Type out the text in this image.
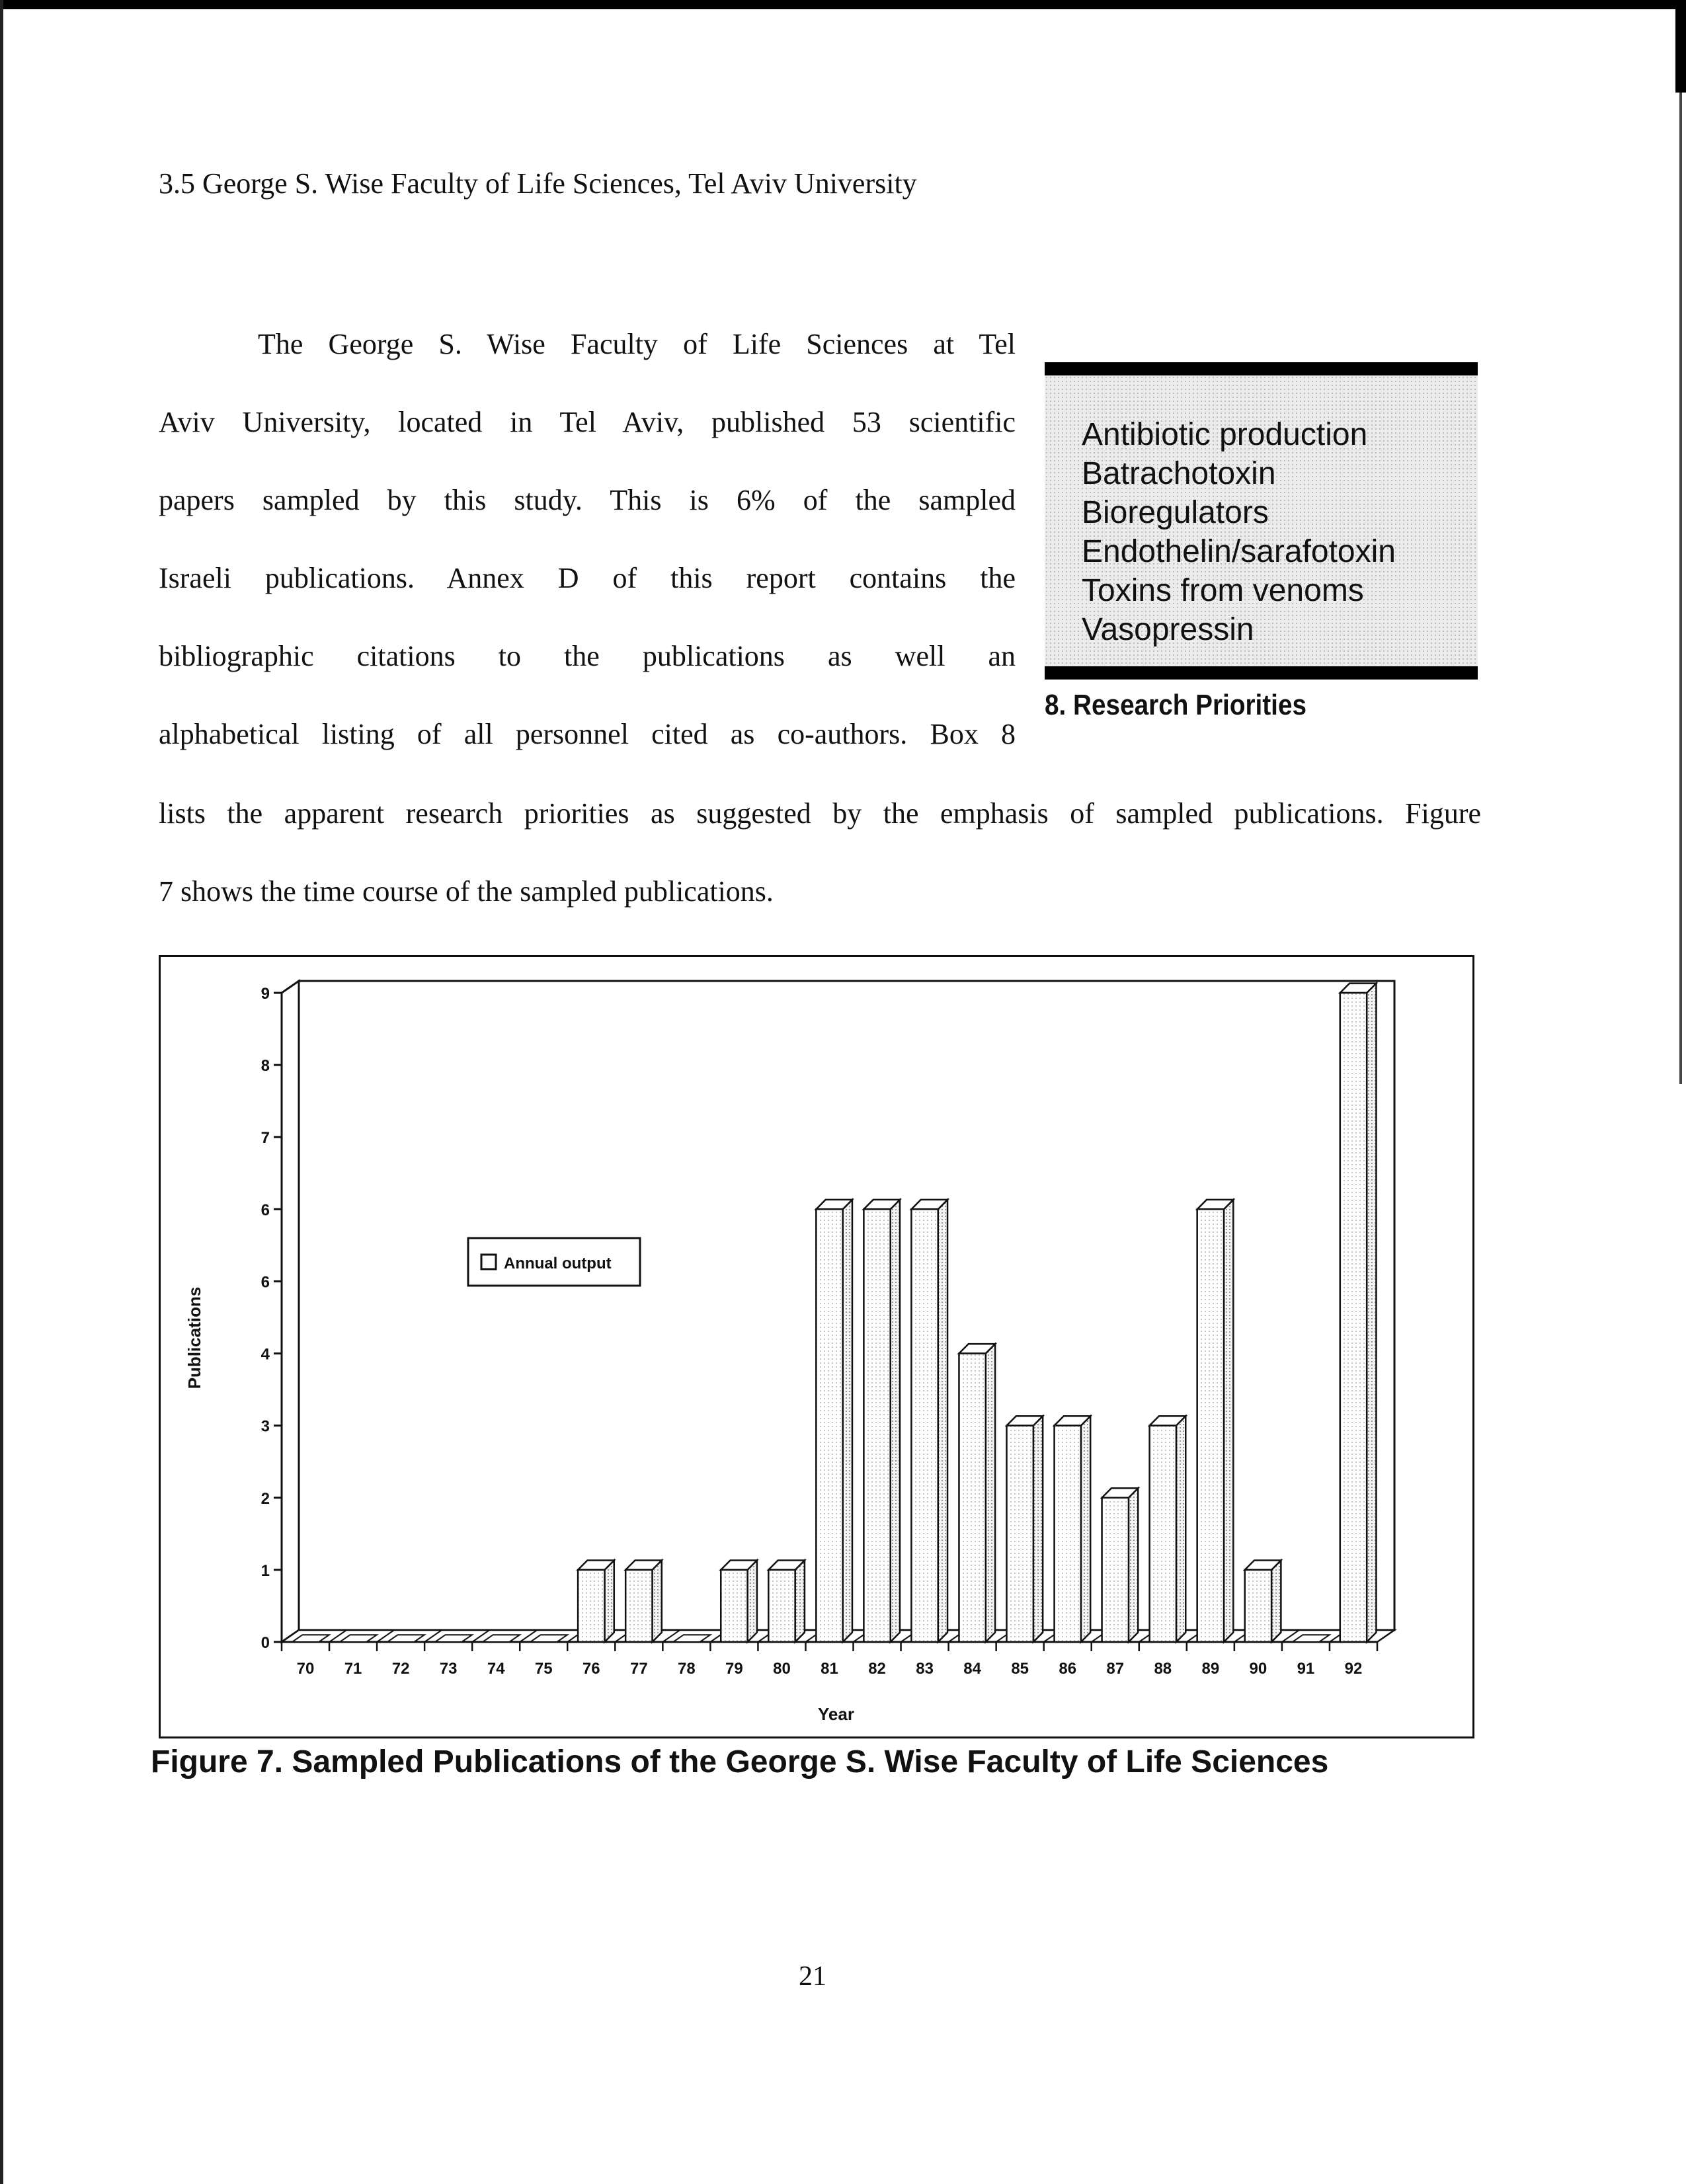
3.5 George S. Wise Faculty of Life Sciences, Tel Aviv University
The George S. Wise Faculty of Life Sciences at Tel
Aviv University, located in Tel Aviv, published 53 scientific
papers sampled by this study. This is 6% of the sampled
Israeli publications. Annex D of this report contains the
bibliographic citations to the publications as well an
alphabetical listing of all personnel cited as co-authors. Box 8
lists the apparent research priorities as suggested by the emphasis of sampled publications. Figure
7 shows the time course of the sampled publications.
Antibiotic production
Batrachotoxin
Bioregulators
Endothelin/sarafotoxin
Toxins from venoms
Vasopressin
8. Research Priorities
0
1
2
3
4
6
6
7
8
9
70 71 72 73 74 75 76 77 78 79 80 81 82 83 84 85 86 87 88 89 90 91 92
Year
Publications
Annual output
Figure 7. Sampled Publications of the George S. Wise Faculty of Life Sciences
21
